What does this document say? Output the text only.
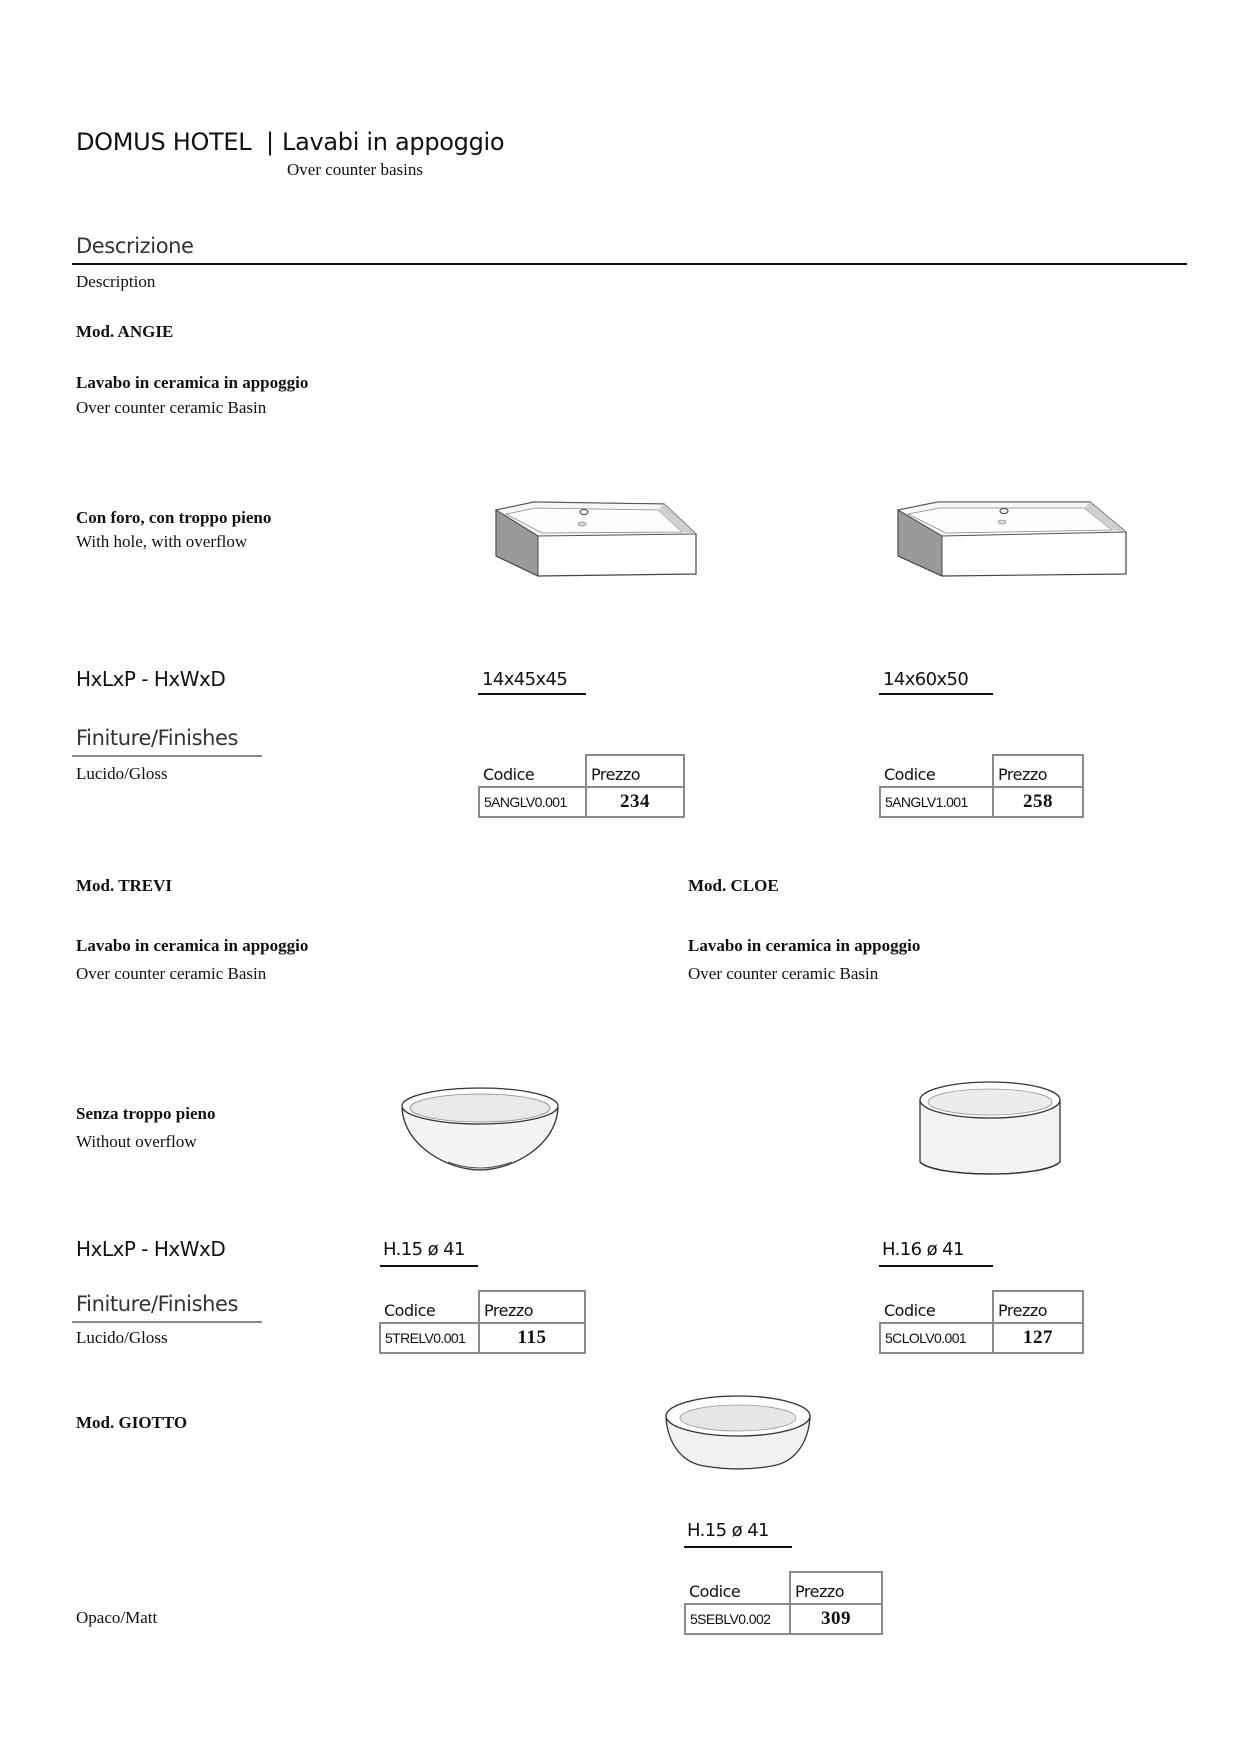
DOMUS HOTEL | Lavabi in appoggio
Over counter basins
Descrizione
Description
Mod. ANGIE
Lavabo in ceramica in appoggio
Over counter ceramic Basin
Con foro, con troppo pieno
With hole, with overflow
HxLxP - HxWxD	14x45x45	14x60x50
Finiture/Finishes
Lucido/Gloss	Codice	Prezzo
5ANGLV0.001	234
Codice	Prezzo
5ANGLV1.001	258
Mod. TREVI
Lavabo in ceramica in appoggio
Over counter ceramic Basin
Senza troppo pieno
Without overflow
HxLxP - HxWxD	H.15 ø 41
Finiture/Finishes
Lucido/Gloss
Codice	Prezzo
5TRELV0.001	115
Mod. CLOE
Lavabo in ceramica in appoggio
Over counter ceramic Basin
H.16 ø 41
Codice	Prezzo
5CLOLV0.001	127
Mod. GIOTTO
H.15 ø 41
Codice	Prezzo
5SEBLV0.002	309
Opaco/Matt
